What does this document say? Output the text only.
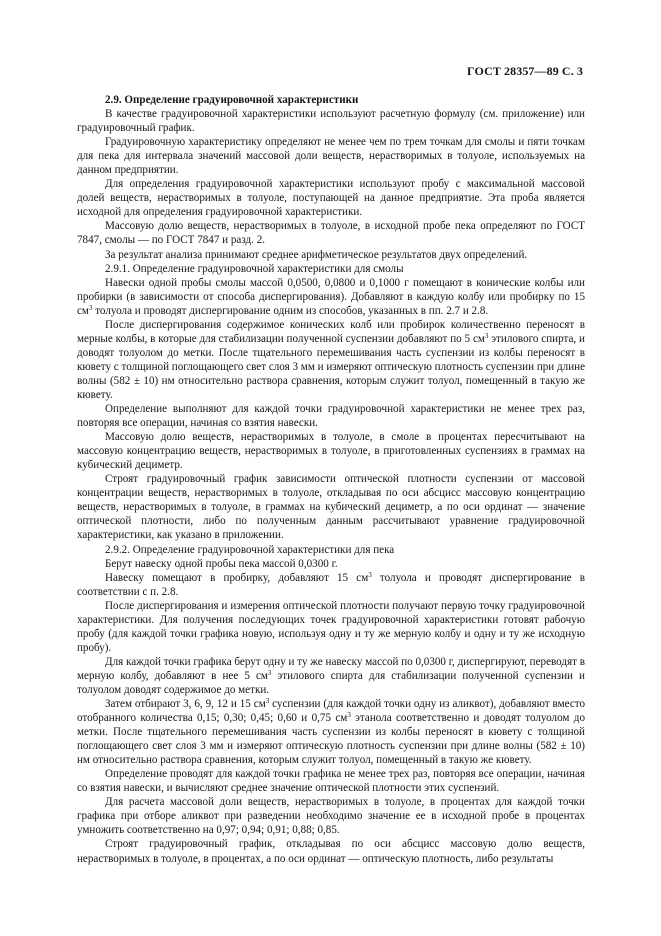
ГОСТ 28357—89 С. 3

2.9. Определение градуировочной характеристики

В качестве градуировочной характеристики используют расчетную формулу (см. приложение) или градуировочный график.

Градуировочную характеристику определяют не менее чем по трем точкам для смолы и пяти точкам для пека для интервала значений массовой доли веществ, нерастворимых в толуоле, используемых на данном предприятии.

Для определения градуировочной характеристики используют пробу с максимальной массовой долей веществ, нерастворимых в толуоле, поступающей на данное предприятие. Эта проба является исходной для определения градуировочной характеристики.

Массовую долю веществ, нерастворимых в толуоле, в исходной пробе пека определяют по ГОСТ 7847, смолы — по ГОСТ 7847 и разд. 2.

За результат анализа принимают среднее арифметическое результатов двух определений.

2.9.1. Определение градуировочной характеристики для смолы

Навески одной пробы смолы массой 0,0500, 0,0800 и 0,1000 г помещают в конические колбы или пробирки (в зависимости от способа диспергирования). Добавляют в каждую колбу или пробирку по 15 $см^3$ толуола и проводят диспергирование одним из способов, указанных в пп. 2.7 и 2.8.

После диспергирования содержимое конических колб или пробирок количественно переносят в мерные колбы, в которые для стабилизации полученной суспензии добавляют по 5 $см^3$ этилового спирта, и доводят толуолом до метки. После тщательного перемешивания часть суспензии из колбы переносят в кювету с толщиной поглощающего свет слоя 3 мм и измеряют оптическую плотность суспензии при длине волны (582 ± 10) нм относительно раствора сравнения, которым служит толуол, помещенный в такую же кювету.

Определение выполняют для каждой точки градуировочной характеристики не менее трех раз, повторяя все операции, начиная со взятия навески.

Массовую долю веществ, нерастворимых в толуоле, в смоле в процентах пересчитывают на массовую концентрацию веществ, нерастворимых в толуоле, в приготовленных суспензиях в граммах на кубический дециметр.

Строят градуировочный график зависимости оптической плотности суспензии от массовой концентрации веществ, нерастворимых в толуоле, откладывая по оси абсцисс массовую концентрацию веществ, нерастворимых в толуоле, в граммах на кубический дециметр, а по оси ординат — значение оптической плотности, либо по полученным данным рассчитывают уравнение градуировочной характеристики, как указано в приложении.

2.9.2. Определение градуировочной характеристики для пека

Берут навеску одной пробы пека массой 0,0300 г.

Навеску помещают в пробирку, добавляют 15 $см^3$ толуола и проводят диспергирование в соответствии с п. 2.8.

После диспергирования и измерения оптической плотности получают первую точку градуировочной характеристики. Для получения последующих точек градуировочной характеристики готовят рабочую пробу (для каждой точки графика новую, используя одну и ту же мерную колбу и одну и ту же исходную пробу).

Для каждой точки графика берут одну и ту же навеску массой по 0,0300 г, диспергируют, переводят в мерную колбу, добавляют в нее 5 $см^3$ этилового спирта для стабилизации полученной суспензии и толуолом доводят содержимое до метки.

Затем отбирают 3, 6, 9, 12 и 15 $см^3$ суспензии (для каждой точки одну из аликвот), добавляют вместо отобранного количества 0,15; 0,30; 0,45; 0,60 и 0,75 $см^3$ этанола соответственно и доводят толуолом до метки. После тщательного перемешивания часть суспензии из колбы переносят в кювету с толщиной поглощающего свет слоя 3 мм и измеряют оптическую плотность суспензии при длине волны (582 ± 10) нм относительно раствора сравнения, которым служит толуол, помещенный в такую же кювету.

Определение проводят для каждой точки графика не менее трех раз, повторяя все операции, начиная со взятия навески, и вычисляют среднее значение оптической плотности этих суспензий.

Для расчета массовой доли веществ, нерастворимых в толуоле, в процентах для каждой точки графика при отборе аликвот при разведении необходимо значение ее в исходной пробе в процентах умножить соответственно на 0,97; 0,94; 0,91; 0,88; 0,85.

Строят градуировочный график, откладывая по оси абсцисс массовую долю веществ, нерастворимых в толуоле, в процентах, а по оси ординат — оптическую плотность, либо результаты
